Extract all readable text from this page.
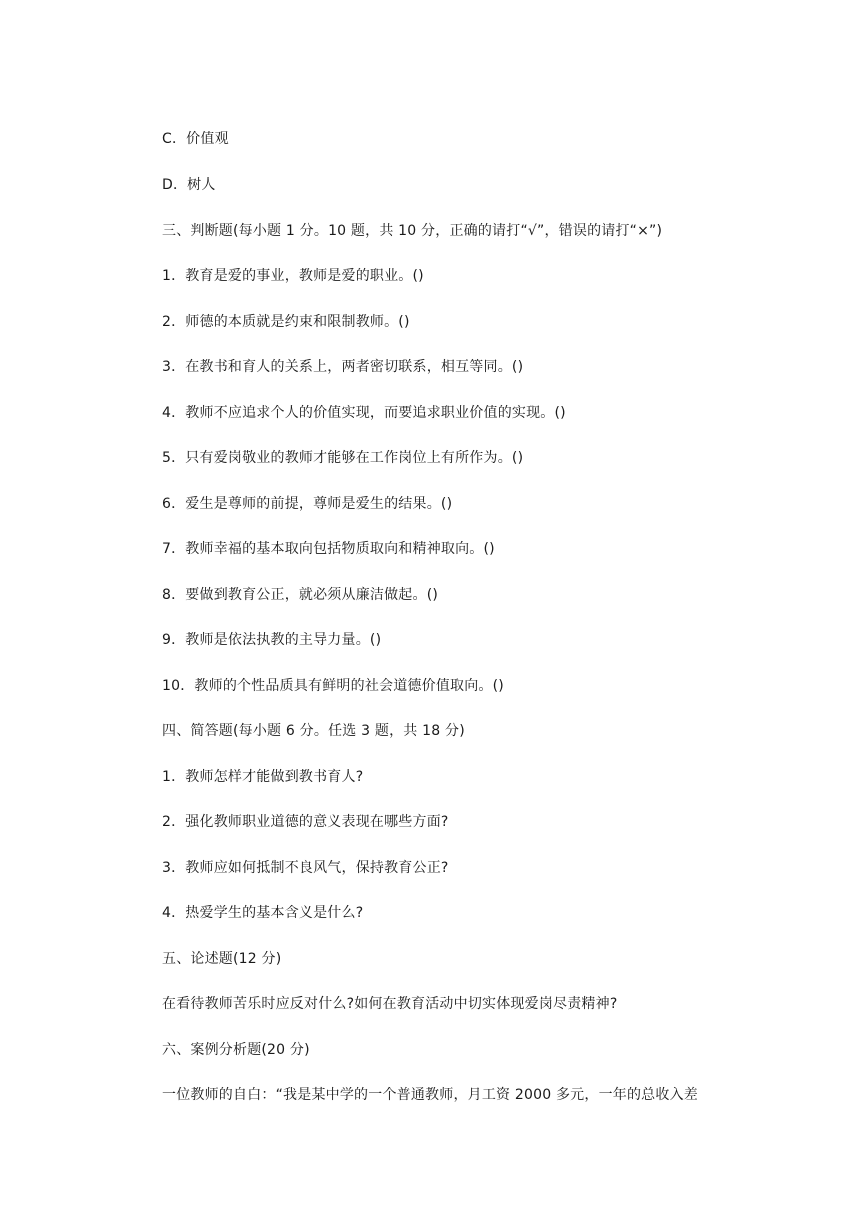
C．价值观
D．树人
三、判断题(每小题 1 分。10 题，共 10 分，正确的请打“√”，错误的请打“×”)
1．教育是爱的事业，教师是爱的职业。()
2．师德的本质就是约束和限制教师。()
3．在教书和育人的关系上，两者密切联系，相互等同。()
4．教师不应追求个人的价值实现，而要追求职业价值的实现。()
5．只有爱岗敬业的教师才能够在工作岗位上有所作为。()
6．爱生是尊师的前提，尊师是爱生的结果。()
7．教师幸福的基本取向包括物质取向和精神取向。()
8．要做到教育公正，就必须从廉洁做起。()
9．教师是依法执教的主导力量。()
10．教师的个性品质具有鲜明的社会道德价值取向。()
四、简答题(每小题 6 分。任选 3 题，共 18 分)
1．教师怎样才能做到教书育人?
2．强化教师职业道德的意义表现在哪些方面?
3．教师应如何抵制不良风气，保持教育公正?
4．热爱学生的基本含义是什么?
五、论述题(12 分)
在看待教师苦乐时应反对什么?如何在教育活动中切实体现爱岗尽责精神?
六、案例分析题(20 分)
一位教师的自白：“我是某中学的一个普通教师，月工资 2000 多元，一年的总收入差
